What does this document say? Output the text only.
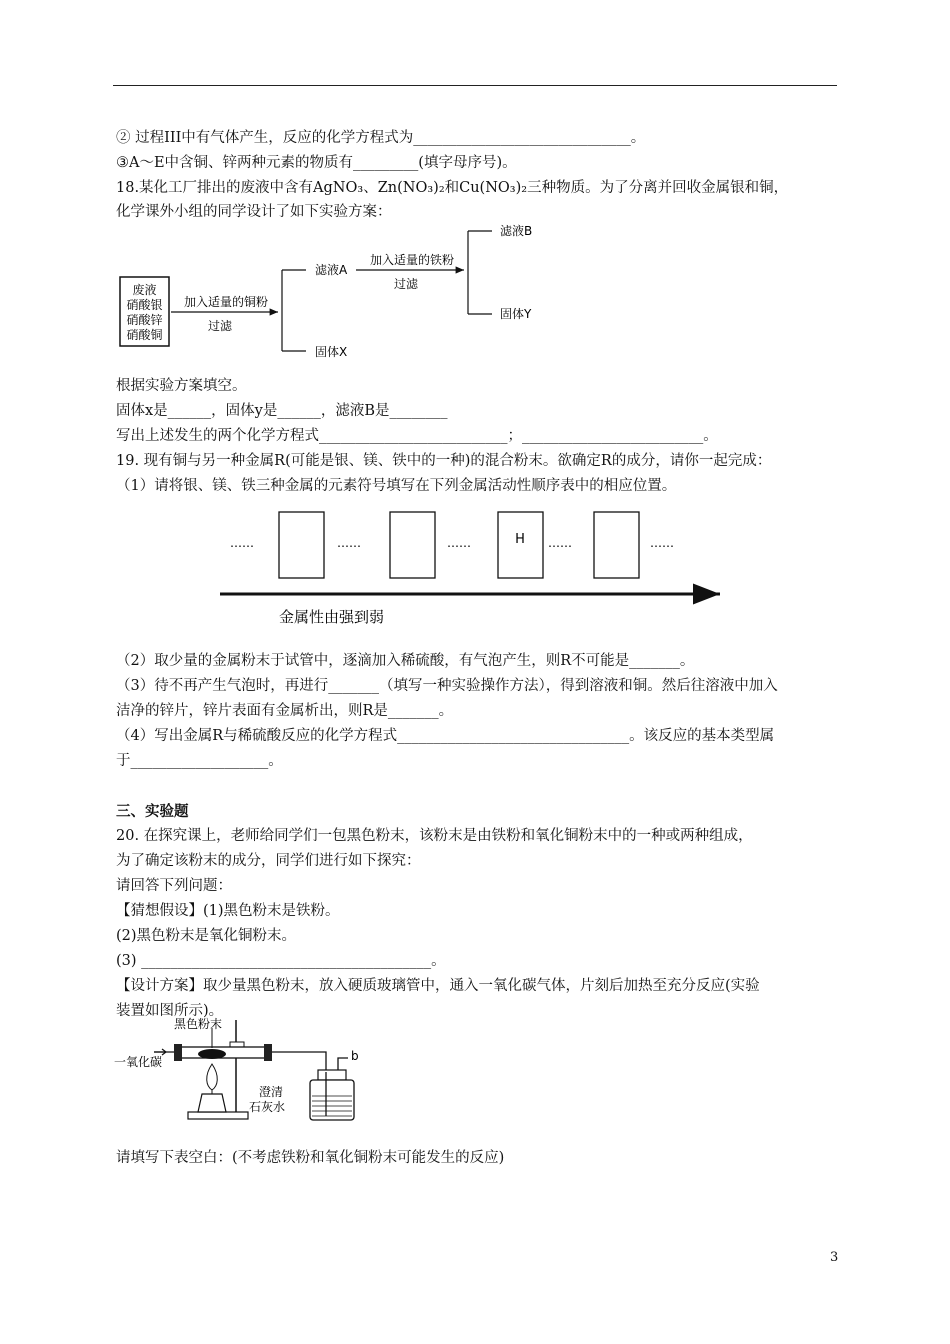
② 过程III中有气体产生，反应的化学方程式为______________________________。
③A～E中含铜、锌两种元素的物质有_________(填字母序号)。
18.某化工厂排出的废液中含有AgNO₃、Zn(NO₃)₂和Cu(NO₃)₂三种物质。为了分离并回收金属银和铜，
化学课外小组的同学设计了如下实验方案：
废液
硝酸银
硝酸锌
硝酸铜
加入适量的铜粉
过滤
滤液A
固体X
加入适量的铁粉
过滤
滤液B
固体Y
根据实验方案填空。
固体x是______，固体y是______，滤液B是________
写出上述发生的两个化学方程式__________________________；_________________________。
19. 现有铜与另一种金属R(可能是银、镁、铁中的一种)的混合粉末。欲确定R的成分，请你一起完成：
（1）请将银、镁、铁三种金属的元素符号填写在下列金属活动性顺序表中的相应位置。
……	……	……	H ……	……
金属性由强到弱
（2）取少量的金属粉末于试管中，逐滴加入稀硫酸，有气泡产生，则R不可能是_______。
（3）待不再产生气泡时，再进行_______（填写一种实验操作方法），得到溶液和铜。然后往溶液中加入
洁净的锌片，锌片表面有金属析出，则R是_______。
（4）写出金属R与稀硫酸反应的化学方程式________________________________。该反应的基本类型属
于___________________。
三、实验题
20. 在探究课上，老师给同学们一包黑色粉末，该粉末是由铁粉和氧化铜粉末中的一种或两种组成，
为了确定该粉末的成分，同学们进行如下探究：
请回答下列问题：
【猜想假设】(1)黑色粉末是铁粉。
(2)黑色粉末是氧化铜粉末。
(3) ________________________________________。
【设计方案】取少量黑色粉末，放入硬质玻璃管中，通入一氧化碳气体，片刻后加热至充分反应(实验
装置如图所示)。
黑色粉末
一氧化碳	b
澄清
石灰水
请填写下表空白：(不考虑铁粉和氧化铜粉末可能发生的反应)
3
